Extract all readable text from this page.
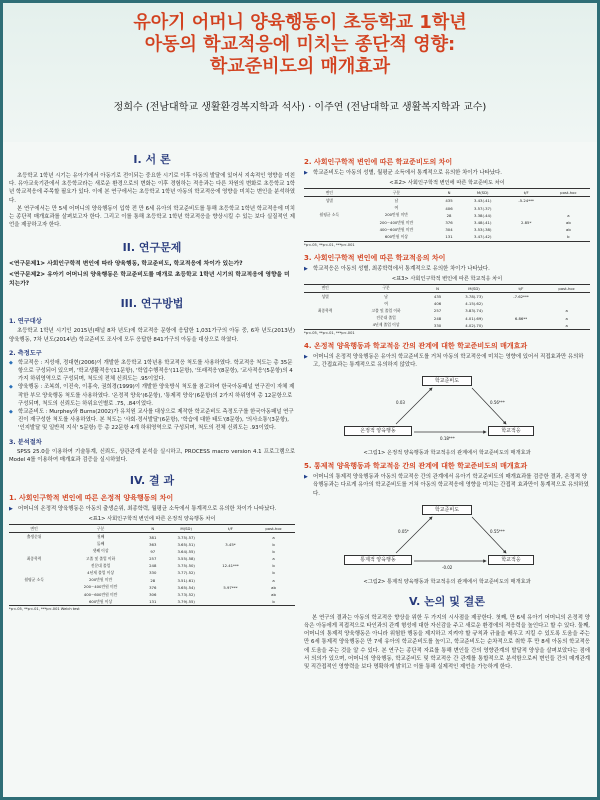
유아기 어머니 양육행동이 초등학교 1학년
아동의 학교적응에 미치는 종단적 영향:
학교준비도의 매개효과
정희수 (전남대학교 생활환경복지학과 석사) · 이주연 (전남대학교 생활복지학과 교수)
I. 서 론

초등학교 1학년 시기는 유아기에서 아동기로 전이되는 중요한 시기로 이후 아동의 발달에 있어서 지속적인 영향을 미친다. 유아교육기관에서 초등학교라는 새로운 환경으로의 변화는 이후 경험하는 적응과는 다른 차원의 변화로 초등학교 1학년 학교적응에 주목할 필요가 있다. 이에 본 연구에서는 초등학교 1학년 아동의 학교적응에 영향을 미치는 변인을 분석하였다.

본 연구에서는 만 5세 어머니의 양육행동이 입학 전 만 6세 유아의 학교준비도를 통해 초등학교 1학년 학교적응에 미치는 종단적 매개효과를 살펴보고자 한다. 그리고 이를 통해 초등학교 1학년 학교적응을 향상시킬 수 있는 보다 실질적인 제언을 제공하고자 한다.

II. 연구문제
<연구문제1> 사회인구학적 변인에 따라 양육행동, 학교준비도, 학교적응에 차이가 있는가?
<연구문제2> 유아기 어머니의 양육행동은 학교준비도를 매개로 초등학교 1학년 시기의 학교적응에 영향을 미치는가?
III. 연구방법
1. 연구대상

초등학교 1학년 시기인 2015년(패널 8차 년도)에 학교적응 문항에 응답한 1,031가구의 아동 중, 6차 년도(2013년) 양육행동, 7차 년도(2014년) 학교준비도 조사에 모두 응답한 841가구의 아동을 대상으로 하였다.

2. 측정도구
◆ 학교적응 : 지성애, 정대현(2006)이 개발한 초등학교 1학년용 학교적응 척도를 사용하였다. 학교적응 척도는 총 35문항으로 구성되어 있으며, '학교생활적응'(11문항), '학업수행적응'(11문항), '또래적응'(8문항), '교사적응'(5문항)의 4가지 하위영역으로 구성되며, 척도의 전체 신뢰도는 .95이었다.
◆ 양육행동 : 조복희, 이진숙, 이홍숙, 권희경(1999)이 개발한 양육방식 척도를 참고하여 한국아동패널 연구진이 자체 제작한 부모 양육행동 척도를 사용하였다. '온정적 양육'(6문항), '통제적 양육'(6문항)의 2가지 하위영역 총 12문항으로 구성되며, 척도의 신뢰도는 하위요인별로 .75, .84이었다.
◆ 학교준비도 : Murphey와 Burns(2002)가 유치원 교사를 대상으로 제작한 학교준비도 측정도구를 한국아동패널 연구진이 재구성한 척도를 사용하였다. 본 척도는 '사회·정서발달'(6문항), '학습에 대한 태도'(8문항), '의사소통'(3문항), '인지발달 및 일반적 지식' 5문항) 등 총 22문항 4개 하위영역으로 구성되며, 척도의 전체 신뢰도는 .93이었다.
3. 분석절차

SPSS 25.0을 이용하여 기술통계, 신뢰도, 상관관계 분석을 실시하고, PROCESS macro version 4.1 프로그램으로 Model 4를 이용하여 매개효과 검증을 실시하였다.

IV. 결 과
1. 사회인구학적 변인에 따른 온정적 양육행동의 차이
▶ 어머니의 온정적 양육행동은 아동의 출생순위, 최종학력, 월평균 소득에서 통계적으로 유의한 차이가 나타났다.
<표1> 사회인구학적 변인에 따른 온정적 양육행동 차이
변인	구분	N	M(SD)	t/F	post-hoc
출생순위	첫째	381	3.75(.57)		a
	둘째	363	3.65(.51)	3.45*	b
	셋째 이상	97	3.64(.55)		b
최종학력	고졸 및 졸업 이하	257	3.55(.58)		a
	전문대 졸업	248	3.75(.50)	12.41***	b
	4년제 졸업 이상	330	3.77(.52)		b
월평균 소득	200만원 미만	28	3.51(.61)		a
	200~400만원 미만	376	3.65(.54)	5.97***	ab
	400~600만원 미만	306	3.73(.52)		ab
	600만원 이상	131	3.79(.55)		b
*p<.05, **p<.01, ***p<.001 Welch test
2. 사회인구학적 변인에 따른 학교준비도의 차이
▶ 학교준비도는 아동의 성별, 월평균 소득에서 통계적으로 유의한 차이가 나타났다.
<표2> 사회인구학적 변인에 따른 학교준비도 차이
변인	구분	N	M(SD)	t/F	post-hoc
성별	남	435	3.43(.41)	-5.24***	
	여	406	3.57(.37)		
월평균 소득	200만원 미만	28	3.38(.44)		a
	200~400만원 미만	376	3.48(.41)	2.85*	ab
	400~600만원 미만	304	3.53(.38)		ab
	600만원 이상	131	3.47(.42)		b
*p<.05, **p<.01, ***p<.001
3. 사회인구학적 변인에 따른 학교적응의 차이
▶ 학교적응은 아동의 성별, 최종학력에서 통계적으로 유의한 차이가 나타났다.
<표3> 사회인구학적 변인에 따른 학교적응 차이
변인	구분	N	M(SD)	t/F	post-hoc
성별	남	435	3.78(.73)	-7.62***	
	여	406	4.15(.62)		
최종학력	고졸 및 졸업 이하	257	3.83(.74)		a
	전문대 졸업	248	4.01(.69)	6.86**	a
	4년제 졸업 이상	330	4.02(.70)		a
*p<.05, **p<.01, ***p<.001
4. 온정적 양육행동과 학교적응 간의 관계에 대한 학교준비도의 매개효과
▶ 어머니의 온정적 양육행동은 유아의 학교준비도를 거쳐 아동의 학교적응에 미치는 영향에 있어서 직접효과만 유의하고, 간접효과는 통계적으로 유의하지 않았다.
학교준비도
온정적 양육행동	학교적응
0.03	0.56***
0.18***
<그림1> 온정적 양육행동과 학교적응의 관계에서 학교준비도의 매개효과
5. 통제적 양육행동과 학교적응 간의 관계에 대한 학교준비도의 매개효과
▶ 어머니의 통제적 양육행동과 아동의 학교적응 간의 관계에서 유아기 학교준비도의 매개효과를 검증한 결과, 온정적 양육행동과는 다르게 유아의 학교준비도를 거쳐 아동의 학교적응에 영향을 미치는 간접적 효과만이 통계적으로 유의하였다.
학교준비도
통제적 양육행동	학교적응
0.05*	0.55***
-0.02
<그림2> 통제적 양육행동과 학교적응의 관계에서 학교준비도의 매개효과
V. 논의 및 결론

본 연구의 결과는 아동의 학교적응 향상을 위한 두 가지의 시사점을 제공한다. 첫째, 만 6세 유아기 어머니의 온정적 양육은 아동에게 직접적으로 타인과의 관계 형성에 대한 자신감을 주고 새로운 환경에의 적응력을 높인다고 할 수 있다. 둘째, 어머니의 통제적 양육행동은 아니라 위험한 행동을 제지하고 지켜야 할 규칙과 규율을 배우고 지킬 수 있도록 도움을 주는 만 6세 통제적 양육행동은 만 7세 유아의 학교준비도를 높이고, 학교준비도는 순차적으로 취학 후 만 8세 아동의 학교적응에 도움을 주는 것을 알 수 있다. 본 연구는 종단적 자료를 통해 변인들 간의 영향관계의 발달적 양상을 살펴보았다는 점에서 의의가 있으며, 어머니의 양육행동, 학교준비도 및 학교적응 간 관계를 통합적으로 분석함으로써 변인들 간의 매개관계 및 직간접적인 영향력을 보다 명확하게 밝히고 이를 통해 실제적인 제언을 가능하게 한다.
